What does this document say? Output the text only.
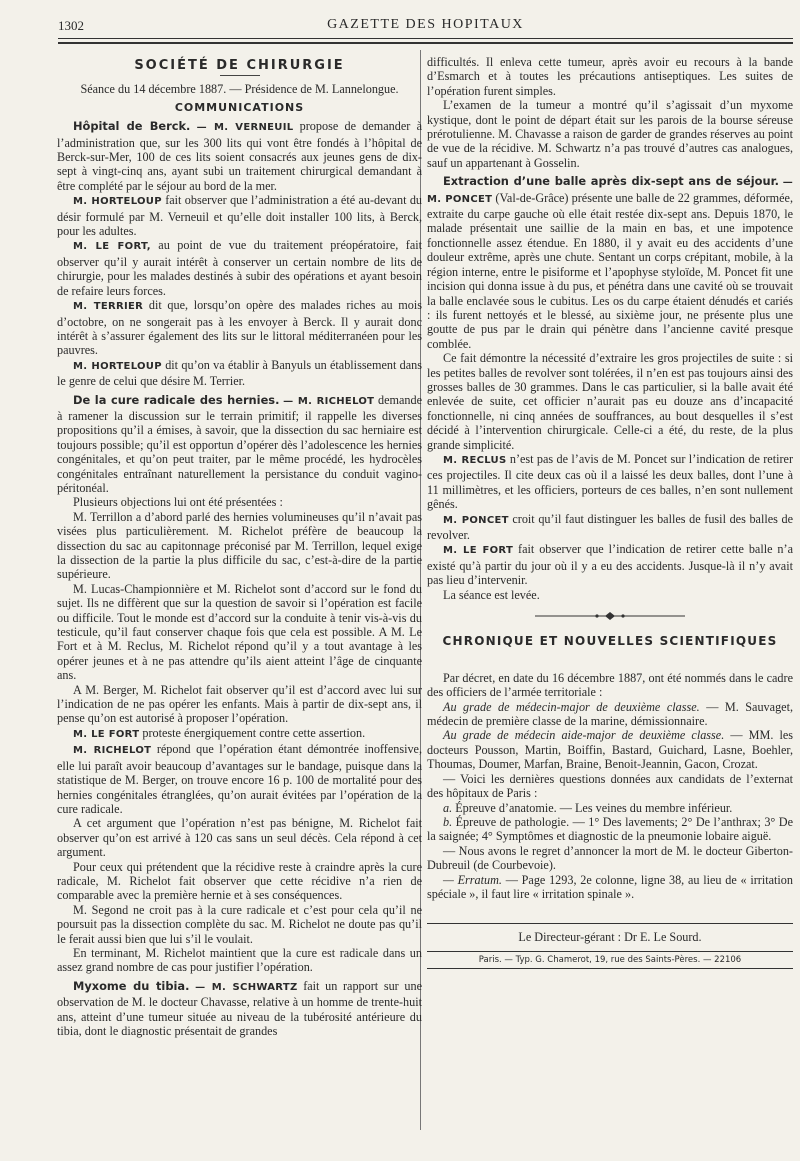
1302	GAZETTE DES HOPITAUX
SOCIÉTÉ DE CHIRURGIE
Séance du 14 décembre 1887. — Présidence de M. Lannelongue.
COMMUNICATIONS

Hôpital de Berck. — M. VERNEUIL propose de demander à l’administration que, sur les 300 lits qui vont être fondés à l’hôpital de Berck-sur-Mer, 100 de ces lits soient consacrés aux jeunes gens de dix-sept à vingt-cinq ans, ayant subi un traitement chirurgical demandant à être complété par le séjour au bord de la mer.

M. HORTELOUP fait observer que l’administration a été au-devant du désir formulé par M. Verneuil et qu’elle doit installer 100 lits, à Berck, pour les adultes.

M. LE FORT, au point de vue du traitement préopératoire, fait observer qu’il y aurait intérêt à conserver un certain nombre de lits de chirurgie, pour les malades destinés à subir des opérations et ayant besoin de refaire leurs forces.

M. TERRIER dit que, lorsqu’on opère des malades riches au mois d’octobre, on ne songerait pas à les envoyer à Berck. Il y aurait donc intérêt à s’assurer également des lits sur le littoral méditerranéen pour les pauvres.

M. HORTELOUP dit qu’on va établir à Banyuls un établissement dans le genre de celui que désire M. Terrier.

De la cure radicale des hernies. — M. RICHELOT demande à ramener la discussion sur le terrain primitif; il rappelle les diverses propositions qu’il a émises, à savoir, que la dissection du sac herniaire est toujours possible; qu’il est opportun d’opérer dès l’adolescence les hernies congénitales, et qu’on peut traiter, par le même procédé, les hydrocèles congénitales entraînant naturellement la persistance du conduit vagino-péritonéal.

Plusieurs objections lui ont été présentées :

M. Terrillon a d’abord parlé des hernies volumineuses qu’il n’avait pas visées plus particulièrement. M. Richelot préfère de beaucoup la dissection du sac au capitonnage préconisé par M. Terrillon, lequel exige la dissection de la partie la plus difficile du sac, c’est-à-dire de la partie supérieure.

M. Lucas-Championnière et M. Richelot sont d’accord sur le fond du sujet. Ils ne diffèrent que sur la question de savoir si l’opération est facile ou difficile. Tout le monde est d’accord sur la conduite à tenir vis-à-vis du testicule, qu’il faut conserver chaque fois que cela est possible. A M. Le Fort et à M. Reclus, M. Richelot répond qu’il y a tout avantage à les opérer jeunes et à ne pas attendre qu’ils aient atteint l’âge de cinquante ans.

A M. Berger, M. Richelot fait observer qu’il est d’accord avec lui sur l’indication de ne pas opérer les enfants. Mais à partir de dix-sept ans, il pense qu’on est autorisé à proposer l’opération.

M. LE FORT proteste énergiquement contre cette assertion.

M. RICHELOT répond que l’opération étant démontrée inoffensive, elle lui paraît avoir beaucoup d’avantages sur le bandage, puisque dans la statistique de M. Berger, on trouve encore 16 p. 100 de mortalité pour des hernies congénitales étranglées, qu’on aurait évitées par l’opération de la cure radicale.

A cet argument que l’opération n’est pas bénigne, M. Richelot fait observer qu’on est arrivé à 120 cas sans un seul décès. Cela répond à cet argument.

Pour ceux qui prétendent que la récidive reste à craindre après la cure radicale, M. Richelot fait observer que cette récidive n’a rien de comparable avec la première hernie et à ses conséquences.

M. Segond ne croit pas à la cure radicale et c’est pour cela qu’il ne poursuit pas la dissection complète du sac. M. Richelot ne doute pas qu’il le ferait aussi bien que lui s’il le voulait.

En terminant, M. Richelot maintient que la cure est radicale dans un assez grand nombre de cas pour justifier l’opération.

Myxome du tibia. — M. SCHWARTZ fait un rapport sur une observation de M. le docteur Chavasse, relative à un homme de trente-huit ans, atteint d’une tumeur située au niveau de la tubérosité antérieure du tibia, dont le diagnostic présentait de grandes

difficultés. Il enleva cette tumeur, après avoir eu recours à la bande d’Esmarch et à toutes les précautions antiseptiques. Les suites de l’opération furent simples.

L’examen de la tumeur a montré qu’il s’agissait d’un myxome kystique, dont le point de départ était sur les parois de la bourse séreuse prérotulienne. M. Chavasse a raison de garder de grandes réserves au point de vue de la récidive. M. Schwartz n’a pas trouvé d’autres cas analogues, sauf un appartenant à Gosselin.

Extraction d’une balle après dix-sept ans de séjour. — M. PONCET (Val-de-Grâce) présente une balle de 22 grammes, déformée, extraite du carpe gauche où elle était restée dix-sept ans. Depuis 1870, le malade présentait une saillie de la main en bas, et une impotence fonctionnelle assez étendue. En 1880, il y avait eu des accidents d’une douleur extrême, après une chute. Sentant un corps crépitant, mobile, à la région interne, entre le pisiforme et l’apophyse styloïde, M. Poncet fit une incision qui donna issue à du pus, et pénétra dans une cavité où se trouvait la balle enclavée sous le cubitus. Les os du carpe étaient dénudés et cariés : ils furent nettoyés et le blessé, au sixième jour, ne présente plus une goutte de pus par le drain qui pénètre dans l’ancienne cavité presque comblée.

Ce fait démontre la nécessité d’extraire les gros projectiles de suite : si les petites balles de revolver sont tolérées, il n’en est pas toujours ainsi des grosses balles de 30 grammes. Dans le cas particulier, si la balle avait été enlevée de suite, cet officier n’aurait pas eu douze ans d’incapacité fonctionnelle, ni cinq années de souffrances, au bout desquelles il s’est décidé à l’intervention chirurgicale. Celle-ci a été, du reste, de la plus grande simplicité.

M. RECLUS n’est pas de l’avis de M. Poncet sur l’indication de retirer ces projectiles. Il cite deux cas où il a laissé les deux balles, dont l’une à 11 millimètres, et les officiers, porteurs de ces balles, n’en sont nullement gênés.

M. PONCET croit qu’il faut distinguer les balles de fusil des balles de revolver.

M. LE FORT fait observer que l’indication de retirer cette balle n’a existé qu’à partir du jour où il y a eu des accidents. Jusque-là il n’y avait pas lieu d’intervenir.

La séance est levée.

CHRONIQUE ET NOUVELLES SCIENTIFIQUES

Par décret, en date du 16 décembre 1887, ont été nommés dans le cadre des officiers de l’armée territoriale :

Au grade de médecin-major de deuxième classe. — M. Sauvaget, médecin de première classe de la marine, démissionnaire.

Au grade de médecin aide-major de deuxième classe. — MM. les docteurs Pousson, Martin, Boiffin, Bastard, Guichard, Lasne, Boehler, Thoumas, Doumer, Marfan, Braine, Benoit-Jeannin, Gacon, Crozat.

— Voici les dernières questions données aux candidats de l’externat des hôpitaux de Paris :

a. Épreuve d’anatomie. — Les veines du membre inférieur.

b. Épreuve de pathologie. — 1° Des lavements; 2° De l’anthrax; 3° De la saignée; 4° Symptômes et diagnostic de la pneumonie lobaire aiguë.

— Nous avons le regret d’annoncer la mort de M. le docteur Giberton-Dubreuil (de Courbevoie).

— Erratum. — Page 1293, 2e colonne, ligne 38, au lieu de « irritation spéciale », il faut lire « irritation spinale ».

Le Directeur-gérant : Dr E. Le Sourd.
Paris. — Typ. G. Chamerot, 19, rue des Saints-Pères. — 22106
